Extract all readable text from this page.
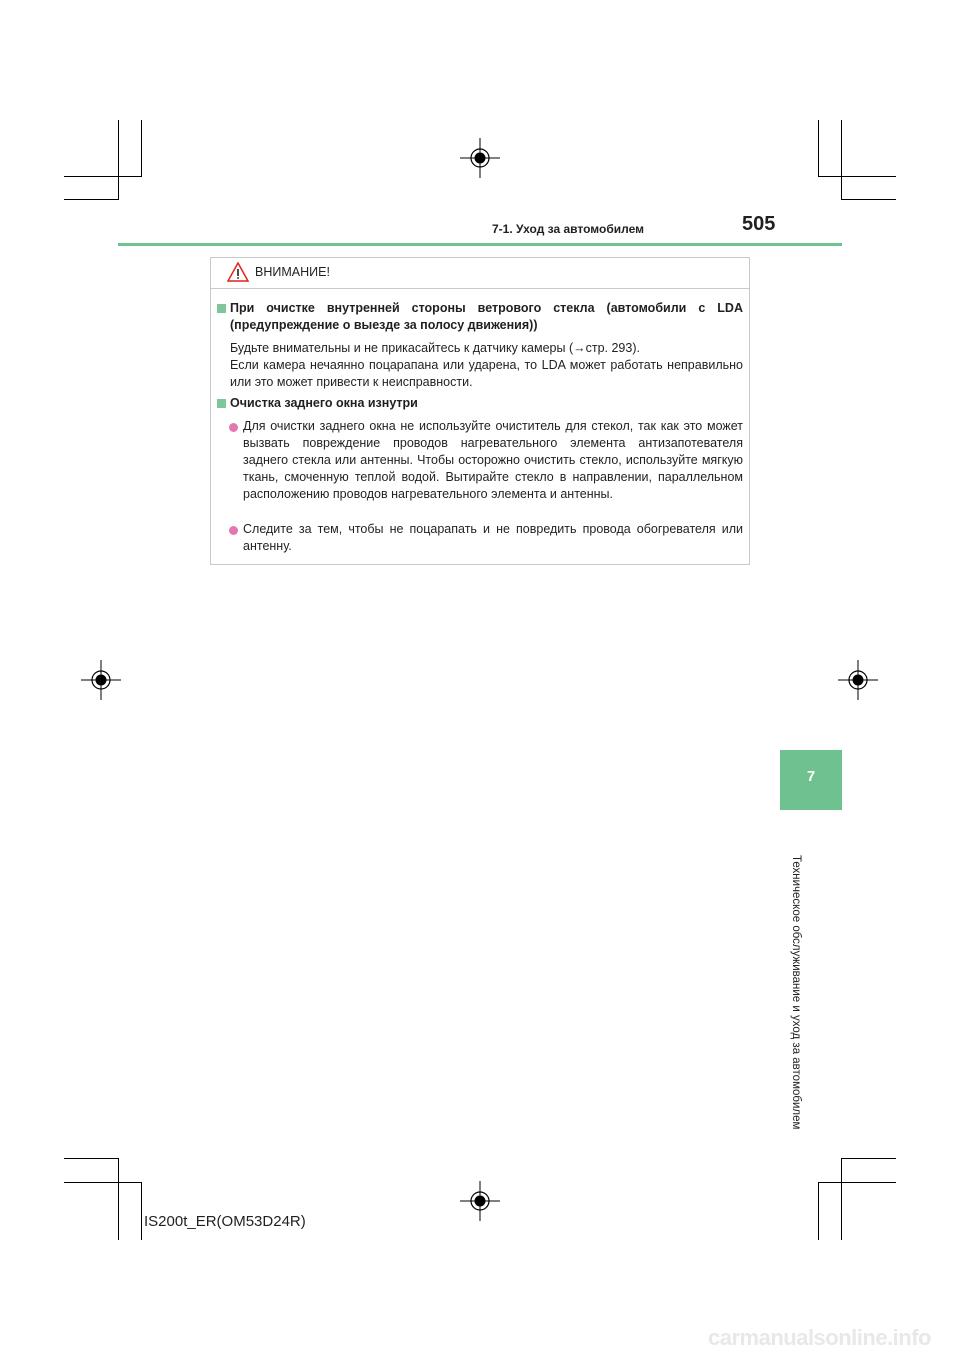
7-1. Уход за автомобилем	505
ВНИМАНИЕ!
При очистке внутренней стороны ветрового стекла (автомобили с LDA (предупреждение о выезде за полосу движения))
Будьте внимательны и не прикасайтесь к датчику камеры (→стр. 293).
Если камера нечаянно поцарапана или ударена, то LDA может работать неправильно или это может привести к неисправности.
Очистка заднего окна изнутри
Для очистки заднего окна не используйте очиститель для стекол, так как это может вызвать повреждение проводов нагревательного элемента антизапотевателя заднего стекла или антенны. Чтобы осторожно очистить стекло, используйте мягкую ткань, смоченную теплой водой. Вытирайте стекло в направлении, параллельном расположению проводов нагревательного элемента и антенны.
Следите за тем, чтобы не поцарапать и не повредить провода обогревателя или антенну.
7
Техническое обслуживание и уход за автомобилем
IS200t_ER(OM53D24R)
carmanualsonline.info
